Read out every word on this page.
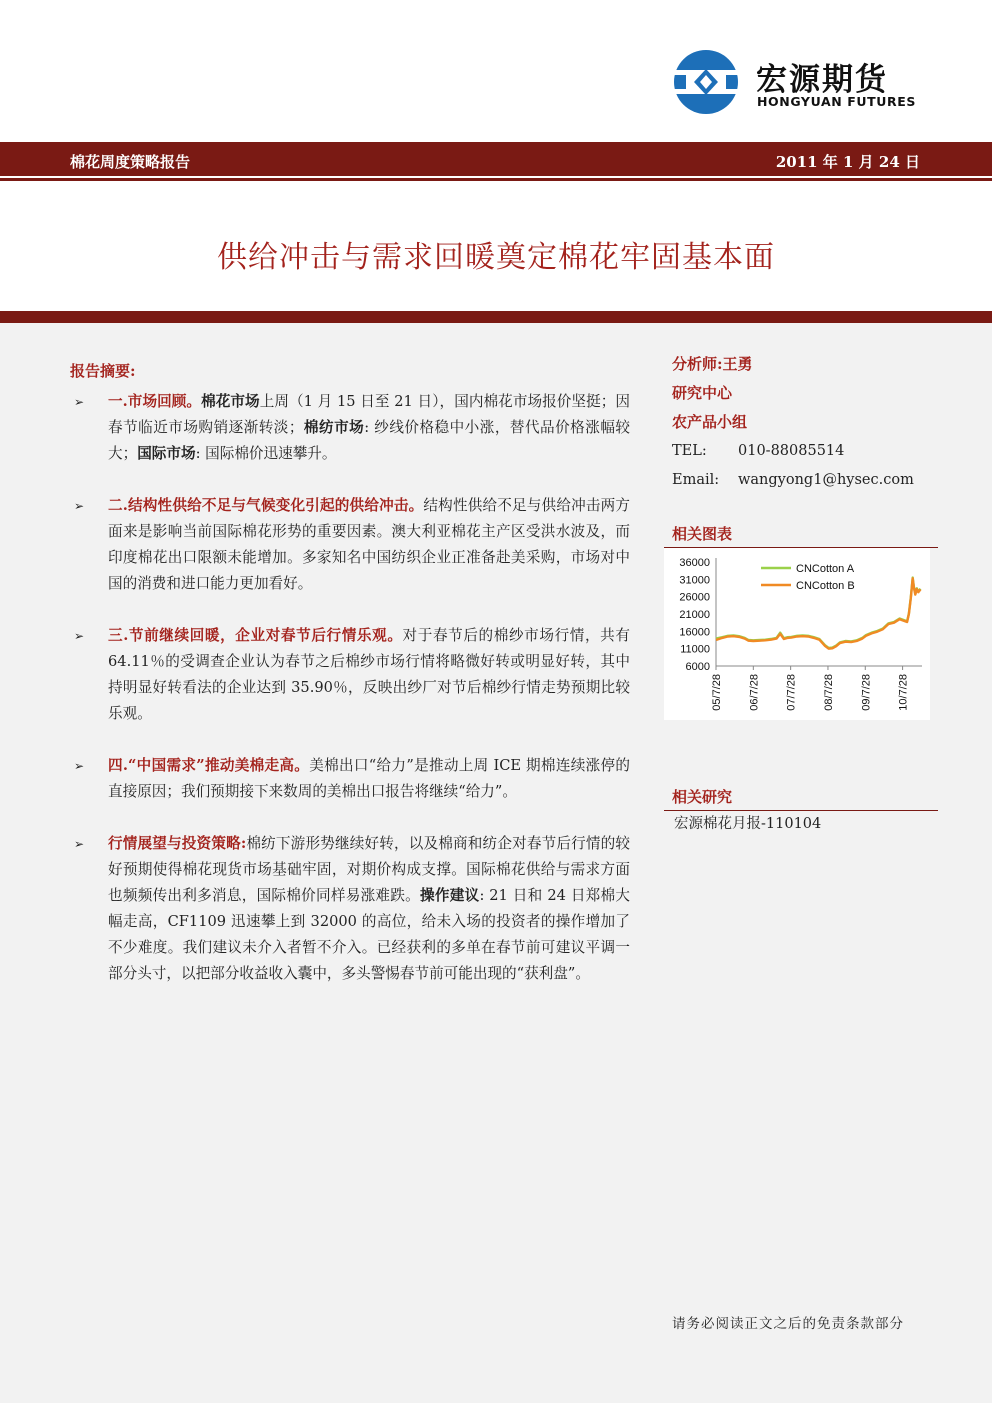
宏源期货
HONGYUAN FUTURES
棉花周度策略报告	2011 年 1 月 24 日
供给冲击与需求回暖奠定棉花牢固基本面
报告摘要:
➢ 一.市场回顾。棉花市场上周（1 月 15 日至 21 日），国内棉花市场报价坚挺；因春节临近市场购销逐渐转淡；棉纺市场: 纱线价格稳中小涨，替代品价格涨幅较大；国际市场: 国际棉价迅速攀升。
➢ 二.结构性供给不足与气候变化引起的供给冲击。结构性供给不足与供给冲击两方面来是影响当前国际棉花形势的重要因素。澳大利亚棉花主产区受洪水波及，而印度棉花出口限额未能增加。多家知名中国纺织企业正准备赴美采购，市场对中国的消费和进口能力更加看好。
➢ 三.节前继续回暖，企业对春节后行情乐观。对于春节后的棉纱市场行情，共有 64.11％的受调查企业认为春节之后棉纱市场行情将略微好转或明显好转，其中持明显好转看法的企业达到 35.90％，反映出纱厂对节后棉纱行情走势预期比较乐观。
➢ 四.“中国需求”推动美棉走高。美棉出口“给力”是推动上周 ICE 期棉连续涨停的直接原因；我们预期接下来数周的美棉出口报告将继续“给力”。
➢ 行情展望与投资策略:棉纺下游形势继续好转，以及棉商和纺企对春节后行情的较好预期使得棉花现货市场基础牢固，对期价构成支撑。国际棉花供给与需求方面也频频传出利多消息，国际棉价同样易涨难跌。操作建议: 21 日和 24 日郑棉大幅走高，CF1109 迅速攀上到 32000 的高位，给未入场的投资者的操作增加了不少难度。我们建议未介入者暂不介入。已经获利的多单在春节前可建议平调一部分头寸，以把部分收益收入囊中，多头警惕春节前可能出现的“获利盘”。
分析师:王勇
研究中心
农产品小组
TEL: 010-88085514
Email: wangyong1@hysec.com
相关图表
36000
31000
26000
21000
16000
11000
6000
05/7/28 06/7/28 07/7/28 08/7/28 09/7/28 10/7/28
CNCotton A
CNCotton B
相关研究
宏源棉花月报-110104
请务必阅读正文之后的免责条款部分
